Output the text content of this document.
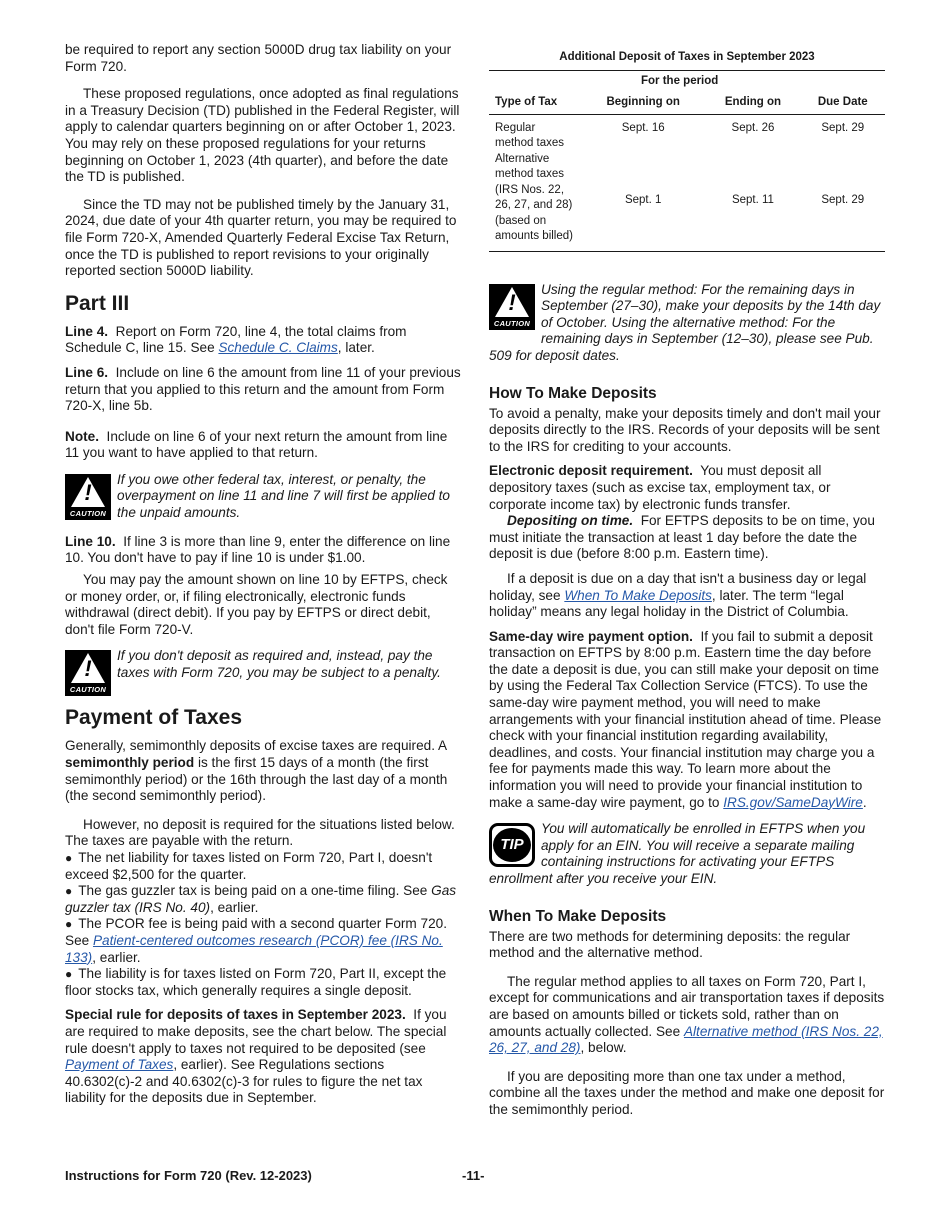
be required to report any section 5000D drug tax liability on your Form 720.

These proposed regulations, once adopted as final regulations in a Treasury Decision (TD) published in the Federal Register, will apply to calendar quarters beginning on or after October 1, 2023. You may rely on these proposed regulations for your returns beginning on October 1, 2023 (4th quarter), and before the date the TD is published.

Since the TD may not be published timely by the January 31, 2024, due date of your 4th quarter return, you may be required to file Form 720-X, Amended Quarterly Federal Excise Tax Return, once the TD is published to report revisions to your originally reported section 5000D liability.

Part III

Line 4. Report on Form 720, line 4, the total claims from Schedule C, line 15. See Schedule C. Claims, later.

Line 6. Include on line 6 the amount from line 11 of your previous return that you applied to this return and the amount from Form 720-X, line 5b.

Note. Include on line 6 of your next return the amount from line 11 you want to have applied to that return.

!
CAUTION
If you owe other federal tax, interest, or penalty, the overpayment on line 11 and line 7 will first be applied to the unpaid amounts.

Line 10. If line 3 is more than line 9, enter the difference on line 10. You don't have to pay if line 10 is under $1.00.

You may pay the amount shown on line 10 by EFTPS, check or money order, or, if filing electronically, electronic funds withdrawal (direct debit). If you pay by EFTPS or direct debit, don't file Form 720-V.

!
CAUTION
If you don't deposit as required and, instead, pay the taxes with Form 720, you may be subject to a penalty.
Payment of Taxes

Generally, semimonthly deposits of excise taxes are required. A semimonthly period is the first 15 days of a month (the first semimonthly period) or the 16th through the last day of a month (the second semimonthly period).

However, no deposit is required for the situations listed below. The taxes are payable with the return.

● The net liability for taxes listed on Form 720, Part I, doesn't exceed $2,500 for the quarter.

● The gas guzzler tax is being paid on a one-time filing. See Gas guzzler tax (IRS No. 40), earlier.

● The PCOR fee is being paid with a second quarter Form 720. See Patient-centered outcomes research (PCOR) fee (IRS No. 133), earlier.

● The liability is for taxes listed on Form 720, Part II, except the floor stocks tax, which generally requires a single deposit.

Special rule for deposits of taxes in September 2023. If you are required to make deposits, see the chart below. The special rule doesn't apply to taxes not required to be deposited (see Payment of Taxes, earlier). See Regulations sections 40.6302(c)-2 and 40.6302(c)-3 for rules to figure the net tax liability for the deposits due in September.

Additional Deposit of Taxes in September 2023
	For the period		
Type of Tax	Beginning on	Ending on	Due Date
Regular method taxes	Sept. 16	Sept. 26	Sept. 29
Alternative method taxes (IRS Nos. 22, 26, 27, and 28) (based on amounts billed)	Sept. 1	Sept. 11	Sept. 29
!
CAUTION
Using the regular method: For the remaining days in September (27–30), make your deposits by the 14th day of October. Using the alternative method: For the remaining days in September (12–30), please see Pub. 509 for deposit dates.
How To Make Deposits

To avoid a penalty, make your deposits timely and don't mail your deposits directly to the IRS. Records of your deposits will be sent to the IRS for crediting to your accounts.

Electronic deposit requirement. You must deposit all depository taxes (such as excise tax, employment tax, or corporate income tax) by electronic funds transfer.

Depositing on time. For EFTPS deposits to be on time, you must initiate the transaction at least 1 day before the date the deposit is due (before 8:00 p.m. Eastern time).

If a deposit is due on a day that isn't a business day or legal holiday, see When To Make Deposits, later. The term “legal holiday” means any legal holiday in the District of Columbia.

Same-day wire payment option. If you fail to submit a deposit transaction on EFTPS by 8:00 p.m. Eastern time the day before the date a deposit is due, you can still make your deposit on time by using the Federal Tax Collection Service (FTCS). To use the same-day wire payment method, you will need to make arrangements with your financial institution ahead of time. Please check with your financial institution regarding availability, deadlines, and costs. Your financial institution may charge you a fee for payments made this way. To learn more about the information you will need to provide your financial institution to make a same-day wire payment, go to IRS.gov/SameDayWire.

TIP
You will automatically be enrolled in EFTPS when you apply for an EIN. You will receive a separate mailing containing instructions for activating your EFTPS enrollment after you receive your EIN.
When To Make Deposits

There are two methods for determining deposits: the regular method and the alternative method.

The regular method applies to all taxes on Form 720, Part I, except for communications and air transportation taxes if deposits are based on amounts billed or tickets sold, rather than on amounts actually collected. See Alternative method (IRS Nos. 22, 26, 27, and 28), below.

If you are depositing more than one tax under a method, combine all the taxes under the method and make one deposit for the semimonthly period.

Instructions for Form 720 (Rev. 12-2023)	-11-
